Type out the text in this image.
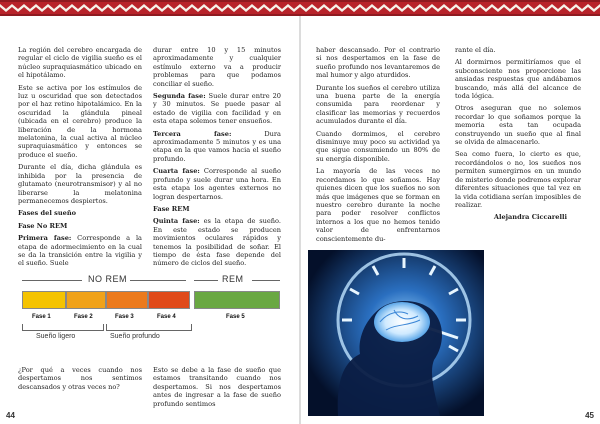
La región del cerebro encargada de regular el ciclo de vigilia sueño es el núcleo supraquiasmático ubicado en el hipotálamo.

Este se activa por los estímulos de luz u oscuridad que son detectados por el haz retino hipotalámico. En la oscuridad la glándula pineal (ubicada en el cerebro) produce la liberación de la hormona melatonina, la cual activa al núcleo supraquiasmático y entonces se produce el sueño.

Durante el día, dicha glándula es inhibida por la presencia de glutamato (neurotransmisor) y al no liberarse la melatonina permanecemos despiertos.

Fases del sueño
Fase No REM

Primera fase: Corresponde a la etapa de adormecimiento en la cual se da la transición entre la vigilia y el sueño. Suele

¿Por qué a veces cuando nos despertamos nos sentimos descansados y otras veces no?

durar entre 10 y 15 minutos aproximadamente y cualquier estímulo externo va a producir problemas para que podamos conciliar el sueño.

Segunda fase: Suele durar entre 20 y 30 minutos. Se puede pasar al estado de vigilia con facilidad y en esta etapa solemos tener ensueños.

Tercera fase: Dura aproximadamente 5 minutos y es una etapa en la que vamos hacia el sueño profundo.

Cuarta fase: Corresponde al sueño profundo y suele durar una hora. En esta etapa los agentes externos no logran despertarnos.

Fase REM

Quinta fase: es la etapa de sueño. En este estado se producen movimientos oculares rápidos y tenemos la posibilidad de soñar. El tiempo de ésta fase depende del número de ciclos del sueño.

Esto se debe a la fase de sueño que estamos transitando cuando nos despertamos. Si nos despertamos antes de ingresar a la fase de sueño profundo sentimos

NO REM	REM
Fase 1	Fase 2	Fase 3	Fase 4	Fase 5
Sueño ligero	Sueño profundo

haber descansado. Por el contrario si nos despertamos en la fase de sueño profundo nos levantaremos de mal humor y algo aturdidos.

Durante los sueños el cerebro utiliza una buena parte de la energía consumida para reordenar y clasificar las memorias y recuerdos acumulados durante el día.

Cuando dormimos, el cerebro disminuye muy poco su actividad ya que sigue consumiendo un 80% de su energía disponible.

La mayoría de las veces no recordamos lo que soñamos. Hay quienes dicen que los sueños no son más que imágenes que se forman en nuestro cerebro durante la noche para poder resolver conflictos internos a los que no hemos tenido valor de enfrentarnos conscientemente du-

rante el día.

Al dormirnos permitiríamos que el subconsciente nos proporcione las ansiadas respuestas que andábamos buscando, más allá del alcance de toda lógica.

Otros aseguran que no solemos recordar lo que soñamos porque la memoria esta tan ocupada construyendo un sueño que al final se olvida de almacenarlo.

Sea como fuera, lo cierto es que, recordándolos o no, los sueños nos permiten sumergirnos en un mundo de misterio donde podremos explorar diferentes situaciones que tal vez en la vida cotidiana serían imposibles de realizar.

Alejandra Ciccarelli

44	45
